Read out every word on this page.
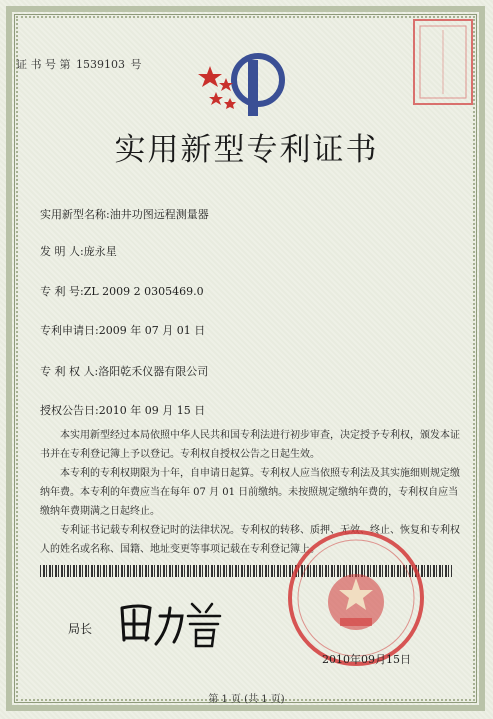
证 书 号 第 1539103 号
实用新型专利证书
实用新型名称:油井功图远程测量器
发 明 人:庞永星
专 利 号:ZL 2009 2 0305469.0
专利申请日:2009 年 07 月 01 日
专 利 权 人:洛阳乾禾仪器有限公司
授权公告日:2010 年 09 月 15 日

本实用新型经过本局依照中华人民共和国专利法进行初步审查，决定授予专利权，颁发本证书并在专利登记簿上予以登记。专利权自授权公告之日起生效。

本专利的专利权期限为十年，自申请日起算。专利权人应当依照专利法及其实施细则规定缴纳年费。本专利的年费应当在每年 07 月 01 日前缴纳。未按照规定缴纳年费的，专利权自应当缴纳年费期满之日起终止。

专利证书记载专利权登记时的法律状况。专利权的转移、质押、无效、终止、恢复和专利权人的姓名或名称、国籍、地址变更等事项记载在专利登记簿上。

局长
2010年09月15日
第 1 页 (共 1 页)
